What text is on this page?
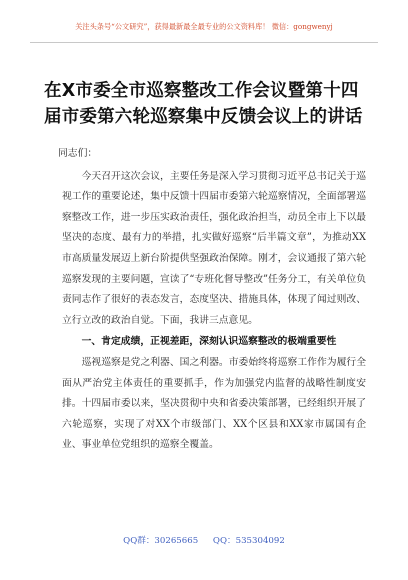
关注头条号“公文研究”，获得最新最全最专业的公文资料库！ 微信：gongwenyj
在X市委全市巡察整改工作会议暨第十四
届市委第六轮巡察集中反馈会议上的讲话
同志们：

今天召开这次会议，主要任务是深入学习贯彻习近平总书记关于巡视工作的重要论述，集中反馈十四届市委第六轮巡察情况，全面部署巡察整改工作，进一步压实政治责任，强化政治担当，动员全市上下以最坚决的态度、最有力的举措，扎实做好巡察“后半篇文章”，为推动XX市高质量发展迈上新台阶提供坚强政治保障。刚才，会议通报了第六轮巡察发现的主要问题，宣读了“专班化督导整改”任务分工，有关单位负责同志作了很好的表态发言，态度坚决、措施具体，体现了闻过则改、立行立改的政治自觉。下面，我讲三点意见。

一、肯定成绩，正视差距，深刻认识巡察整改的极端重要性

巡视巡察是党之利器、国之利器。市委始终将巡察工作作为履行全面从严治党主体责任的重要抓手，作为加强党内监督的战略性制度安排。十四届市委以来，坚决贯彻中央和省委决策部署，已经组织开展了六轮巡察，实现了对XX个市级部门、XX个区县和XX家市属国有企业、事业单位党组织的巡察全覆盖。

QQ群：30265665 QQ：535304092
